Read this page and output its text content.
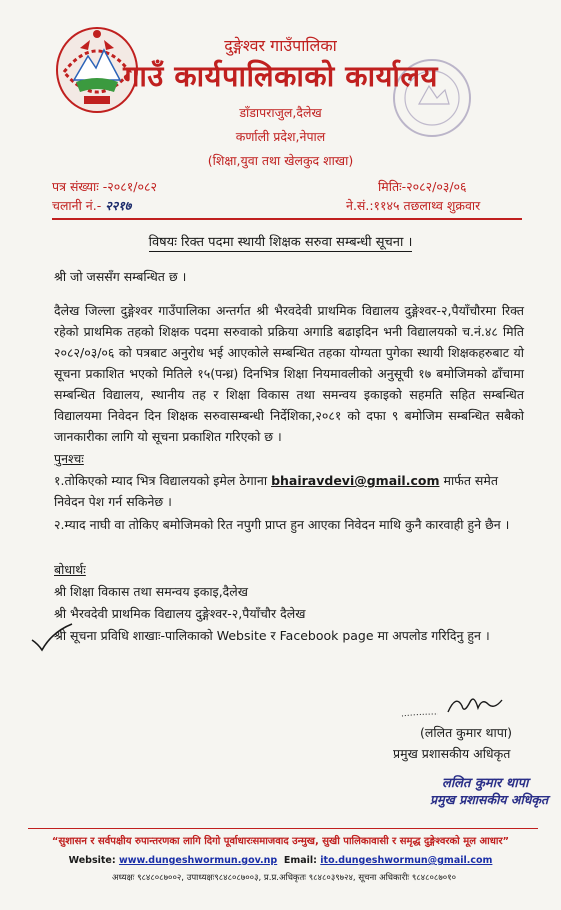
दुङ्गेश्वर गाउँपालिका
गाउँ कार्यपालिकाको कार्यालय
डाँडापराजुल,दैलेख
कर्णाली प्रदेश,नेपाल
(शिक्षा,युवा तथा खेलकुद शाखा)
पत्र संख्याः -२०८१/०८२
चलानी नं.- २२१७
मितिः-२०८२/०३/०६
ने.सं.:११४५ तछलाथ्व शुक्रवार
विषयः रिक्त पदमा स्थायी शिक्षक सरुवा सम्बन्धी सूचना ।
श्री जो जससँग सम्बन्धित छ ।
दैलेख जिल्ला दुङ्गेश्वर गाउँपालिका अन्तर्गत श्री भैरवदेवी प्राथमिक विद्यालय दुङ्गेश्वर-२,पैयाँचौरमा रिक्त रहेको प्राथमिक तहको शिक्षक पदमा सरुवाको प्रक्रिया अगाडि बढाइदिन भनी विद्यालयको च.नं.४८ मिति २०८२/०३/०६ को पत्रबाट अनुरोध भई आएकोले सम्बन्धित तहका योग्यता पुगेका स्थायी शिक्षकहरुबाट यो सूचना प्रकाशित भएको मितिले १५(पन्ध्र) दिनभित्र शिक्षा नियमावलीको अनुसूची १७ बमोजिमको ढाँचामा सम्बन्धित विद्यालय, स्थानीय तह र शिक्षा विकास तथा समन्वय इकाइको सहमति सहित सम्बन्धित विद्यालयमा निवेदन दिन शिक्षक सरुवासम्बन्धी निर्देशिका,२०८१ को दफा ९ बमोजिम सम्बन्धित सबैको जानकारीका लागि यो सूचना प्रकाशित गरिएको छ ।
पुनश्चः
१.तोकिएको म्याद भित्र विद्यालयको इमेल ठेगाना bhairavdevi@gmail.com मार्फत समेत निवेदन पेश गर्न सकिनेछ ।
२.म्याद नाघी वा तोकिए बमोजिमको रित नपुगी प्राप्त हुन आएका निवेदन माथि कुनै कारवाही हुने छैन ।
बोधार्थः
श्री शिक्षा विकास तथा समन्वय इकाइ,दैलेख
श्री भैरवदेवी प्राथमिक विद्यालय दुङ्गेश्वर-२,पैयाँचौर दैलेख
श्री सूचना प्रविधि शाखाः-पालिकाको Website र Facebook page मा अपलोड गरिदिनु हुन ।
(ललित कुमार थापा)
प्रमुख प्रशासकीय अधिकृत
ललित कुमार थापा
प्रमुख प्रशासकीय अधिकृत
“सुशासन र सर्वपक्षीय रुपान्तरणका लागि दिगो पूर्वाधारःसमाजवाद उन्मुख, सुखी पालिकावासी र समृद्ध दुङ्गेश्वरको मूल आधार”
Website: www.dungeshwormun.gov.np Email: ito.dungeshwormun@gmail.com
अध्यक्षः ९८४८०८७००२, उपाध्यक्षः९८४८०८७००३, प्र.प्र.अधिकृतः ९८४८०३९७२४, सूचना अधिकारीः ९८४८०८७०१०
